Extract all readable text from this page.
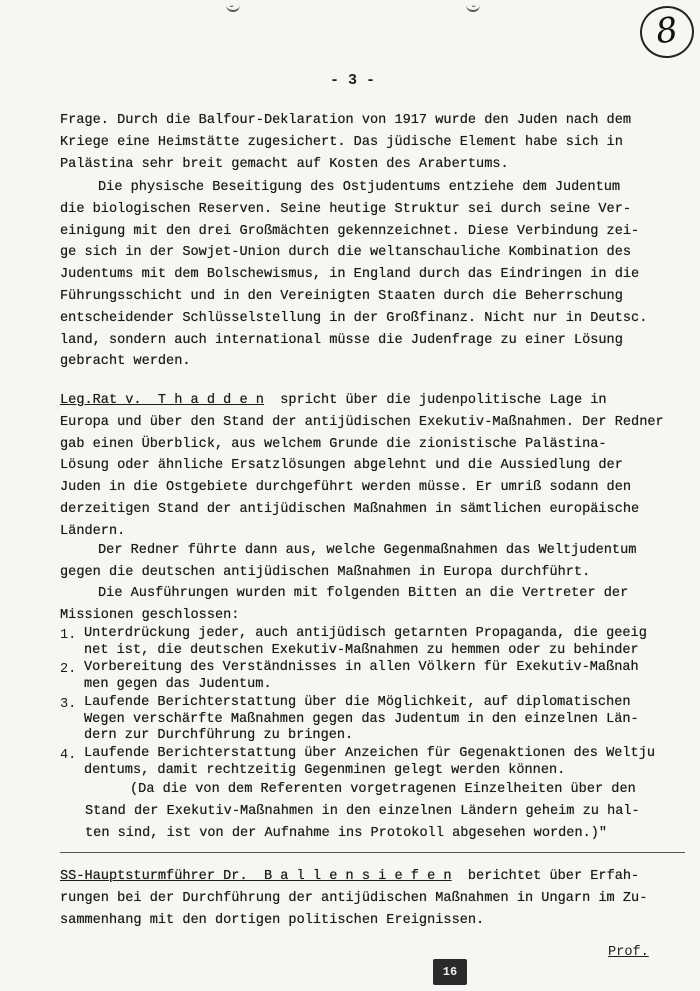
ˇ	ˇ	8
- 3 -
Frage. Durch die Balfour-Deklaration von 1917 wurde den Juden nach dem
Kriege eine Heimstätte zugesichert. Das jüdische Element habe sich in
Palästina sehr breit gemacht auf Kosten des Arabertums.
Die physische Beseitigung des Ostjudentums entziehe dem Judentum
die biologischen Reserven. Seine heutige Struktur sei durch seine Ver-
einigung mit den drei Großmächten gekennzeichnet. Diese Verbindung zei-
ge sich in der Sowjet-Union durch die weltanschauliche Kombination des
Judentums mit dem Bolschewismus, in England durch das Eindringen in die
Führungsschicht und in den Vereinigten Staaten durch die Beherrschung
entscheidender Schlüsselstellung in der Großfinanz. Nicht nur in Deutsc.
land, sondern auch international müsse die Judenfrage zu einer Lösung
gebracht werden.
Leg.Rat v.  T h a d d e n  spricht über die judenpolitische Lage in
Europa und über den Stand der antijüdischen Exekutiv-Maßnahmen. Der Redner
gab einen Überblick, aus welchem Grunde die zionistische Palästina-
Lösung oder ähnliche Ersatzlösungen abgelehnt und die Aussiedlung der
Juden in die Ostgebiete durchgeführt werden müsse. Er umriß sodann den
derzeitigen Stand der antijüdischen Maßnahmen in sämtlichen europäische
Ländern.
Der Redner führte dann aus, welche Gegenmaßnahmen das Weltjudentum
gegen die deutschen antijüdischen Maßnahmen in Europa durchführt.
Die Ausführungen wurden mit folgenden Bitten an die Vertreter der
Missionen geschlossen:
1. Unterdrückung jeder, auch antijüdisch getarnten Propaganda, die geeig
net ist, die deutschen Exekutiv-Maßnahmen zu hemmen oder zu behinder
2. Vorbereitung des Verständnisses in allen Völkern für Exekutiv-Maßnah
men gegen das Judentum.
3. Laufende Berichterstattung über die Möglichkeit, auf diplomatischen
Wegen verschärfte Maßnahmen gegen das Judentum in den einzelnen Län-
dern zur Durchführung zu bringen.
4. Laufende Berichterstattung über Anzeichen für Gegenaktionen des Weltju
dentums, damit rechtzeitig Gegenminen gelegt werden können.
(Da die von dem Referenten vorgetragenen Einzelheiten über den
Stand der Exekutiv-Maßnahmen in den einzelnen Ländern geheim zu hal-
ten sind, ist von der Aufnahme ins Protokoll abgesehen worden.)"
SS-Hauptsturmführer Dr.  B a l l e n s i e f e n  berichtet über Erfah-
rungen bei der Durchführung der antijüdischen Maßnahmen in Ungarn im Zu-
sammenhang mit den dortigen politischen Ereignissen.
Prof.
16
